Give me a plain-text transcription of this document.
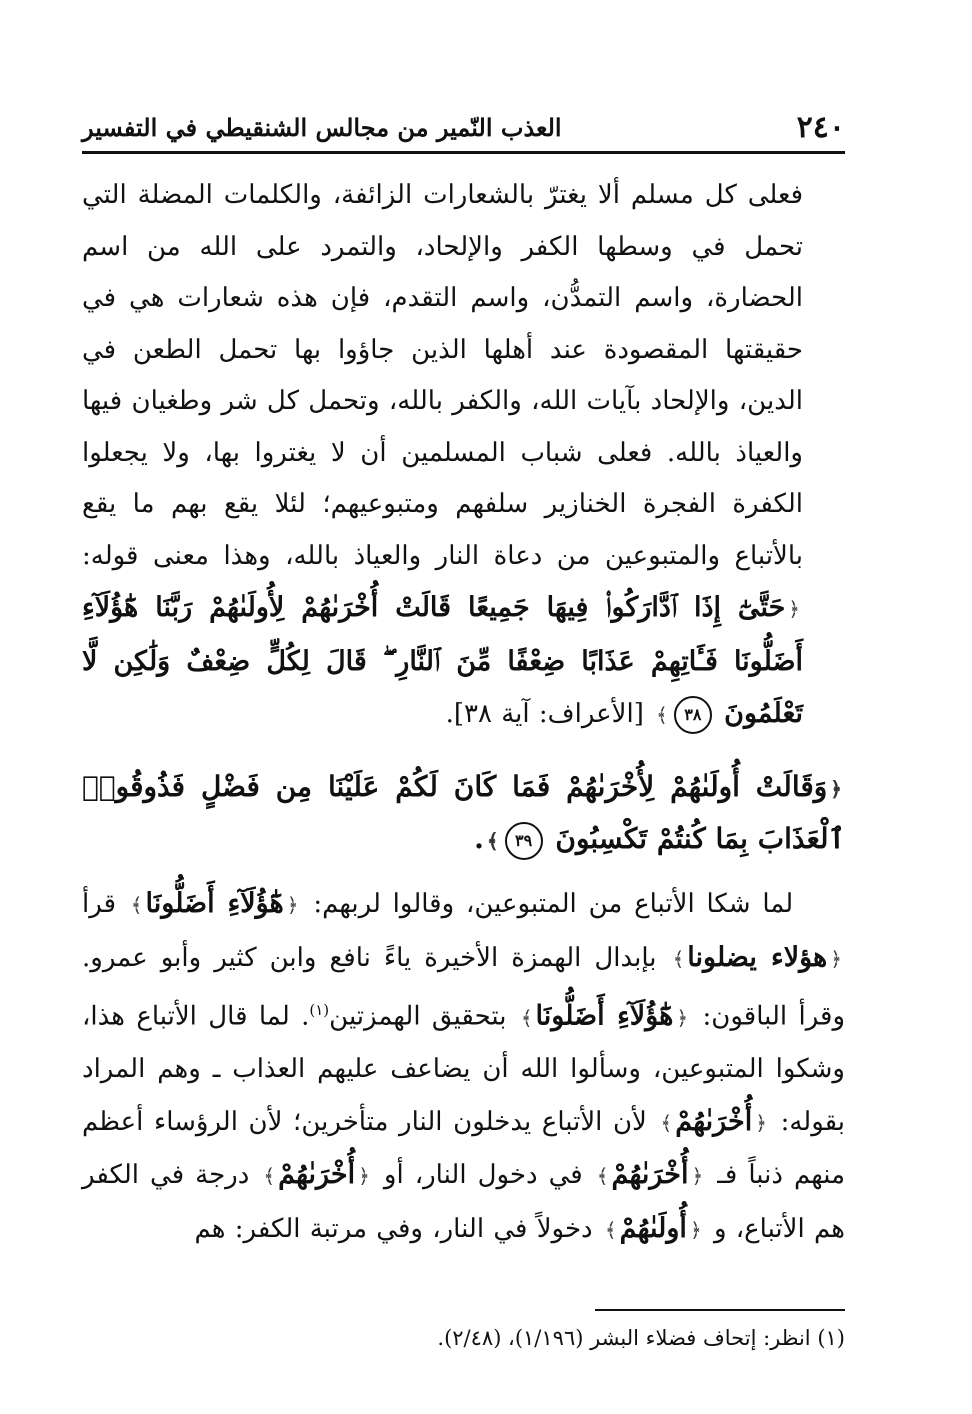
٢٤٠
العذب النّمير من مجالس الشنقيطي في التفسير
فعلى كل مسلم ألا يغترّ بالشعارات الزائفة، والكلمات المضلة التي تحمل في وسطها الكفر والإلحاد، والتمرد على الله من اسم الحضارة، واسم التمدُّن، واسم التقدم، فإن هذه شعارات هي في حقيقتها المقصودة عند أهلها الذين جاؤوا بها تحمل الطعن في الدين، والإلحاد بآيات الله، والكفر بالله، وتحمل كل شر وطغيان فيها والعياذ بالله. فعلى شباب المسلمين أن لا يغتروا بها، ولا يجعلوا الكفرة الفجرة الخنازير سلفهم ومتبوعيهم؛ لئلا يقع بهم ما يقع بالأتباع والمتبوعين من دعاة النار والعياذ بالله، وهذا معنى قوله: ﴿حَتَّىٰٓ إِذَا ٱدَّارَكُوا۟ فِيهَا جَمِيعًا قَالَتْ أُخْرَىٰهُمْ لِأُولَىٰهُمْ رَبَّنَا هَٰٓؤُلَآءِ أَضَلُّونَا فَـَٔاتِهِمْ عَذَابًا ضِعْفًا مِّنَ ٱلنَّارِ ۖ قَالَ لِكُلٍّ ضِعْفٌ وَلَٰكِن لَّا تَعْلَمُونَ ٣٨﴾ [الأعراف: آية ٣٨].
﴿وَقَالَتْ أُولَىٰهُمْ لِأُخْرَىٰهُمْ فَمَا كَانَ لَكُمْ عَلَيْنَا مِن فَضْلٍ فَذُوقُوا۟ ٱلْعَذَابَ بِمَا كُنتُمْ تَكْسِبُونَ ٣٩﴾.
لما شكا الأتباع من المتبوعين، وقالوا لربهم: ﴿هَٰٓؤُلَآءِ أَضَلُّونَا﴾ قرأ ﴿هؤلاء يضلونا﴾ بإبدال الهمزة الأخيرة ياءً نافع وابن كثير وأبو عمرو. وقرأ الباقون: ﴿هَٰٓؤُلَآءِ أَضَلُّونَا﴾ بتحقيق الهمزتين$^{(١)}$. لما قال الأتباع هذا، وشكوا المتبوعين، وسألوا الله أن يضاعف عليهم العذاب ـ وهم المراد بقوله: ﴿أُخْرَىٰهُمْ﴾ لأن الأتباع يدخلون النار متأخرين؛ لأن الرؤساء أعظم منهم ذنباً فـ ﴿أُخْرَىٰهُمْ﴾ في دخول النار، أو ﴿أُخْرَىٰهُمْ﴾ درجة في الكفر هم الأتباع، و ﴿أُولَىٰهُمْ﴾ دخولاً في النار، وفي مرتبة الكفر: هم
(١) انظر: إتحاف فضلاء البشر (١/١٩٦)، (٢/٤٨).
